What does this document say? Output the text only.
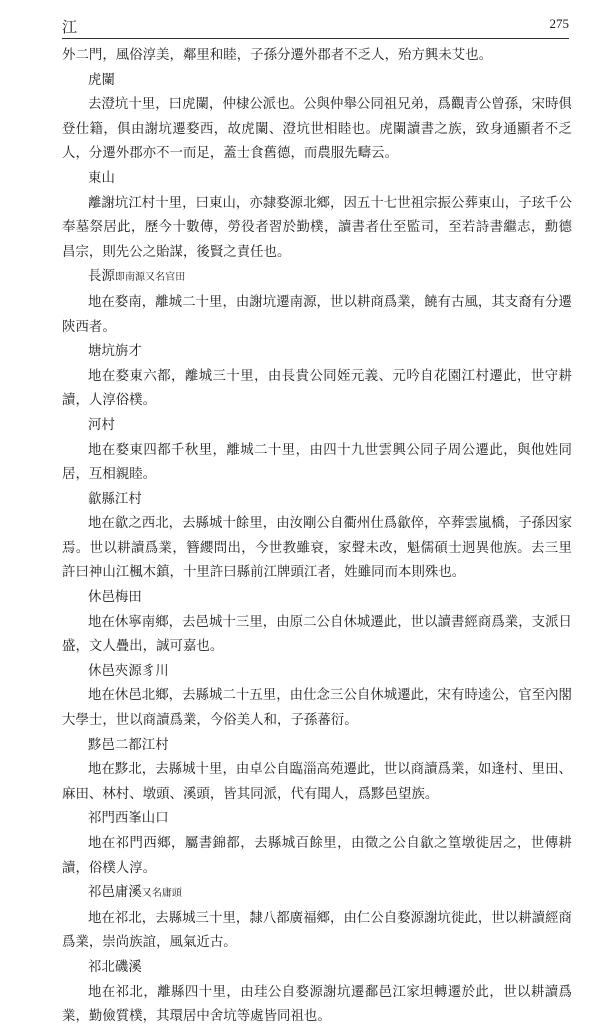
江	275

外二門，風俗淳美，鄰里和睦，子孫分遷外郡者不乏人，殆方興未艾也。

虎闌

去澄坑十里，曰虎闌，仲棣公派也。公與仲舉公同祖兄弟，爲觀青公曾孫，宋時俱登仕籍，俱由謝坑遷婺西，故虎闌、澄坑世相睦也。虎闌讀書之族，致身通顯者不乏人，分遷外郡亦不一而足，蓋士食舊德，而農服先疇云。

東山

離謝坑江村十里，曰東山，亦隸婺源北鄉，因五十七世祖宗振公葬東山，子玹千公奉墓祭居此，歷今十數傳，勞役者習於勤樸，讀書者仕至監司，至若詩書繼志，勳德昌宗，則先公之貽謀，後賢之責任也。

長源即南源又名官田

地在婺南，離城二十里，由謝坑遷南源，世以耕商爲業，饒有古風，其支裔有分遷陝西者。

塘坑旃才

地在婺東六都，離城三十里，由長貴公同姪元義、元吟自花園江村遷此，世守耕讀，人淳俗樸。

河村

地在婺東四都千秋里，離城二十里，由四十九世雲興公同子周公遷此，與他姓同居，互相親睦。

歙縣江村

地在歙之西北，去縣城十餘里，由汝剛公自衢州仕爲歙倅，卒葬雲嵐橋，子孫因家焉。世以耕讀爲業，簪纓問出，今世教雖衰，家聲未改，魁儒碩士迥異他族。去三里許曰神山江楓木鎮，十里許曰縣前江牌頭江者，姓雖同而本則殊也。

休邑梅田

地在休寧南鄉，去邑城十三里，由原二公自休城遷此，世以讀書經商爲業，支派日盛，文人疊出，誠可嘉也。

休邑夾源豸川

地在休邑北鄉，去縣城二十五里，由仕念三公自休城遷此，宋有時逵公，官至內閣大學士，世以商讀爲業，今俗美人和，子孫蕃衍。

黟邑二都江村

地在黟北，去縣城十里，由卓公自臨淄高苑遷此，世以商讀爲業，如逢村、里田、麻田、林村、墩頭、溪頭，皆其同派，代有聞人，爲黟邑望族。

祁門西峯山口

地在祁門西鄉，屬書錦都，去縣城百餘里，由徵之公自歙之篁墩徙居之，世傳耕讀，俗樸人淳。

祁邑庸溪又名庸頭

地在祁北，去縣城三十里，隸八都廣福鄉，由仁公自婺源謝坑徙此，世以耕讀經商爲業，崇尚族誼，風氣近古。

祁北磯溪

地在祁北，離縣四十里，由珪公自婺源謝坑遷鄱邑江家坦轉遷於此，世以耕讀爲業，勤儉質樸，其環居中舍坑等處皆同祖也。
